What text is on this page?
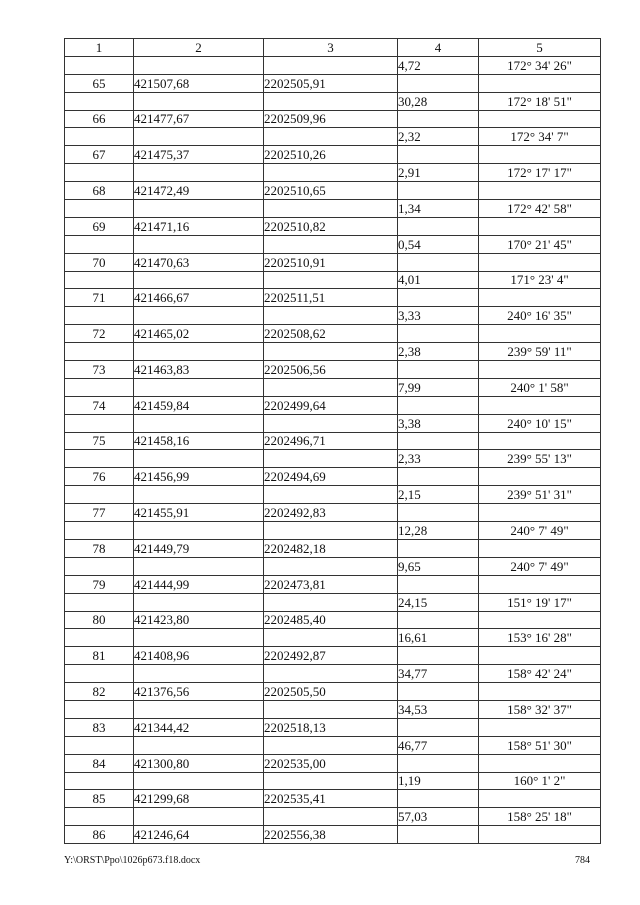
1	2	3	4	5
			4,72	172° 34' 26"
65	421507,68	2202505,91		
			30,28	172° 18' 51"
66	421477,67	2202509,96		
			2,32	172° 34' 7"
67	421475,37	2202510,26		
			2,91	172° 17' 17"
68	421472,49	2202510,65		
			1,34	172° 42' 58"
69	421471,16	2202510,82		
			0,54	170° 21' 45"
70	421470,63	2202510,91		
			4,01	171° 23' 4"
71	421466,67	2202511,51		
			3,33	240° 16' 35"
72	421465,02	2202508,62		
			2,38	239° 59' 11"
73	421463,83	2202506,56		
			7,99	240° 1' 58"
74	421459,84	2202499,64		
			3,38	240° 10' 15"
75	421458,16	2202496,71		
			2,33	239° 55' 13"
76	421456,99	2202494,69		
			2,15	239° 51' 31"
77	421455,91	2202492,83		
			12,28	240° 7' 49"
78	421449,79	2202482,18		
			9,65	240° 7' 49"
79	421444,99	2202473,81		
			24,15	151° 19' 17"
80	421423,80	2202485,40		
			16,61	153° 16' 28"
81	421408,96	2202492,87		
			34,77	158° 42' 24"
82	421376,56	2202505,50		
			34,53	158° 32' 37"
83	421344,42	2202518,13		
			46,77	158° 51' 30"
84	421300,80	2202535,00		
			1,19	160° 1' 2"
85	421299,68	2202535,41		
			57,03	158° 25' 18"
86	421246,64	2202556,38		
Y:\ORST\Ppo\1026p673.f18.docx	784
